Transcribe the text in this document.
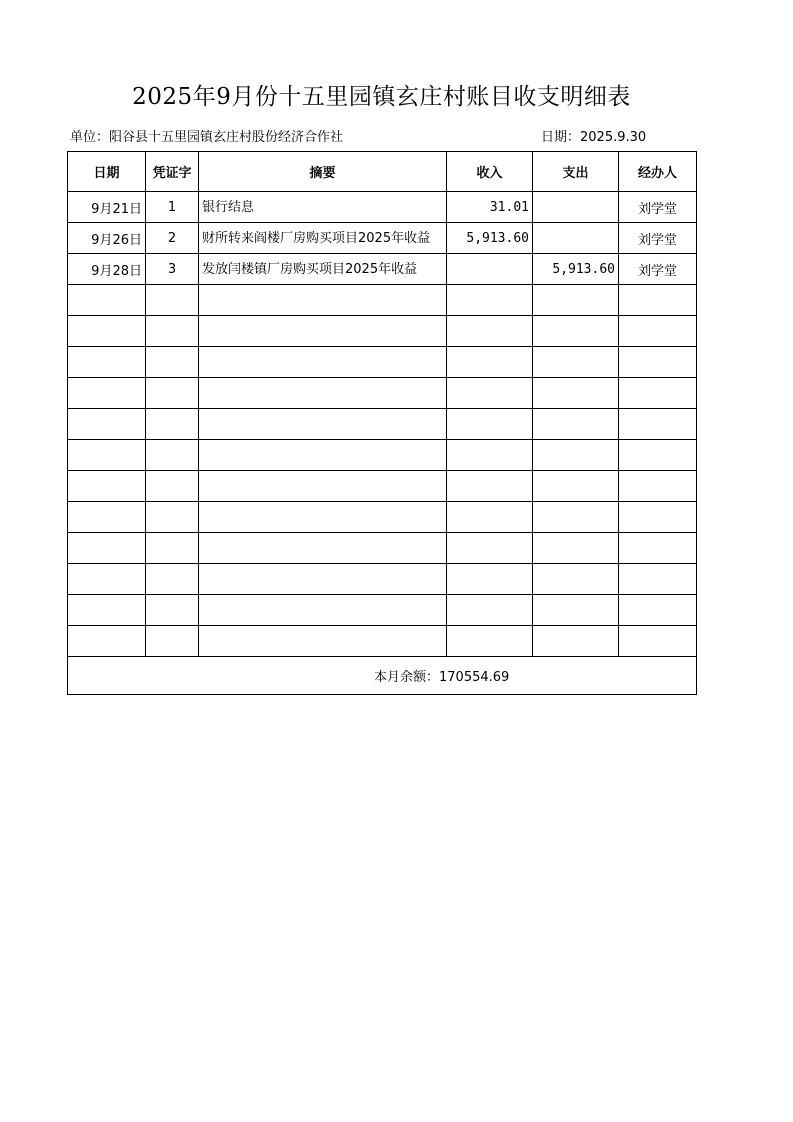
2025年9月份十五里园镇玄庄村账目收支明细表
单位：阳谷县十五里园镇玄庄村股份经济合作社	日期：2025.9.30
日期	凭证字	摘要	收入	支出	经办人
9月21日	1	银行结息	31.01		刘学堂
9月26日	2	财所转来阎楼厂房购买项目2025年收益	5,913.60		刘学堂
9月28日	3	发放闫楼镇厂房购买项目2025年收益		5,913.60	刘学堂

本月余额：170554.69					
